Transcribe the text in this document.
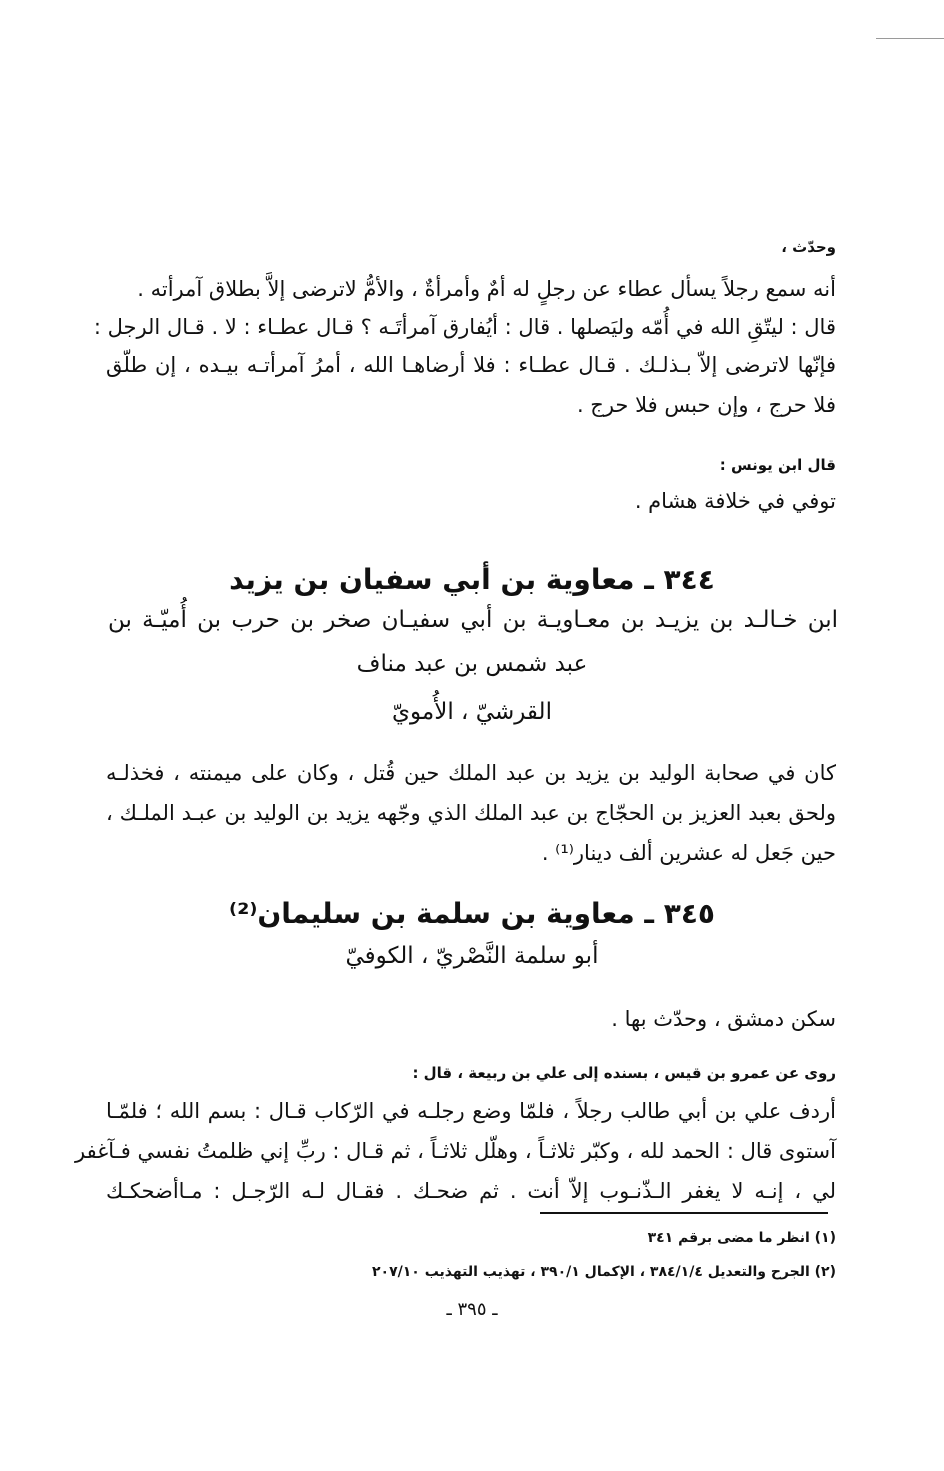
وحدّث ،
أنه سمع رجلاً يسأل عطاء عن رجلٍ له أمٌ وأمرأةٌ ، والأمُّ لاترضى إلاَّ بطلاق آمرأته .
قال : ليتّقِ الله في أُمّه وليَصلها . قال : أيُفارق آمرأتَـه ؟ قـال عطـاء : لا . قـال الرجل :
فإنّها لاترضى إلاّ بـذلـك . قـال عطـاء : فلا أرضاهـا الله ، أمرُ آمرأتـه بيـده ، إن طلّق
فلا حرج ، وإن حبس فلا حرج .
قال ابن يونس :
توفي في خلافة هشام .
٣٤٤ ـ معاوية بن أبي سفيان بن يزيد
ابن خـالـد بن يزيـد بن معـاويـة بن أبي سفيـان صخر بن حرب بن أُميّـة بن
عبد شمس بن عبد مناف
القرشيّ ، الأُمويّ
كان في صحابة الوليد بن يزيد بن عبد الملك حين قُتل ، وكان على ميمنته ، فخذلـه
ولحق بعبد العزيز بن الحجّاج بن عبد الملك الذي وجّهه يزيد بن الوليد بن عبـد الملـك ،
حين جَعل له عشرين ألف دينار⁽¹⁾ .
٣٤٥ ـ معاوية بن سلمة بن سليمان⁽²⁾
أبو سلمة النَّصْريّ ، الكوفيّ
سكن دمشق ، وحدّث بها .
روى عن عمرو بن قيس ، بسنده إلى علي بن ربيعة ، قال :
أردف علي بن أبي طالب رجلاً ، فلمّا وضع رجلـه في الرّكاب قـال : بسم الله ؛ فلمّـا
آستوى قال : الحمد لله ، وكبّر ثلاثـاً ، وهلّل ثلاثـاً ، ثم قـال : ربِّ إني ظلمتُ نفسي فـآغفر
لي ، إنـه لا يغفر الـذّنـوب إلاّ أنت . ثم ضحـك . فقـال لـه الرّجـل : مـاأضحكـك
(١) انظر ما مضى برقم ٣٤١
(٢) الجرح والتعديل ٣٨٤/١/٤ ، الإكمال ٣٩٠/١ ، تهذيب التهذيب ٢٠٧/١٠
ـ ٣٩٥ ـ
